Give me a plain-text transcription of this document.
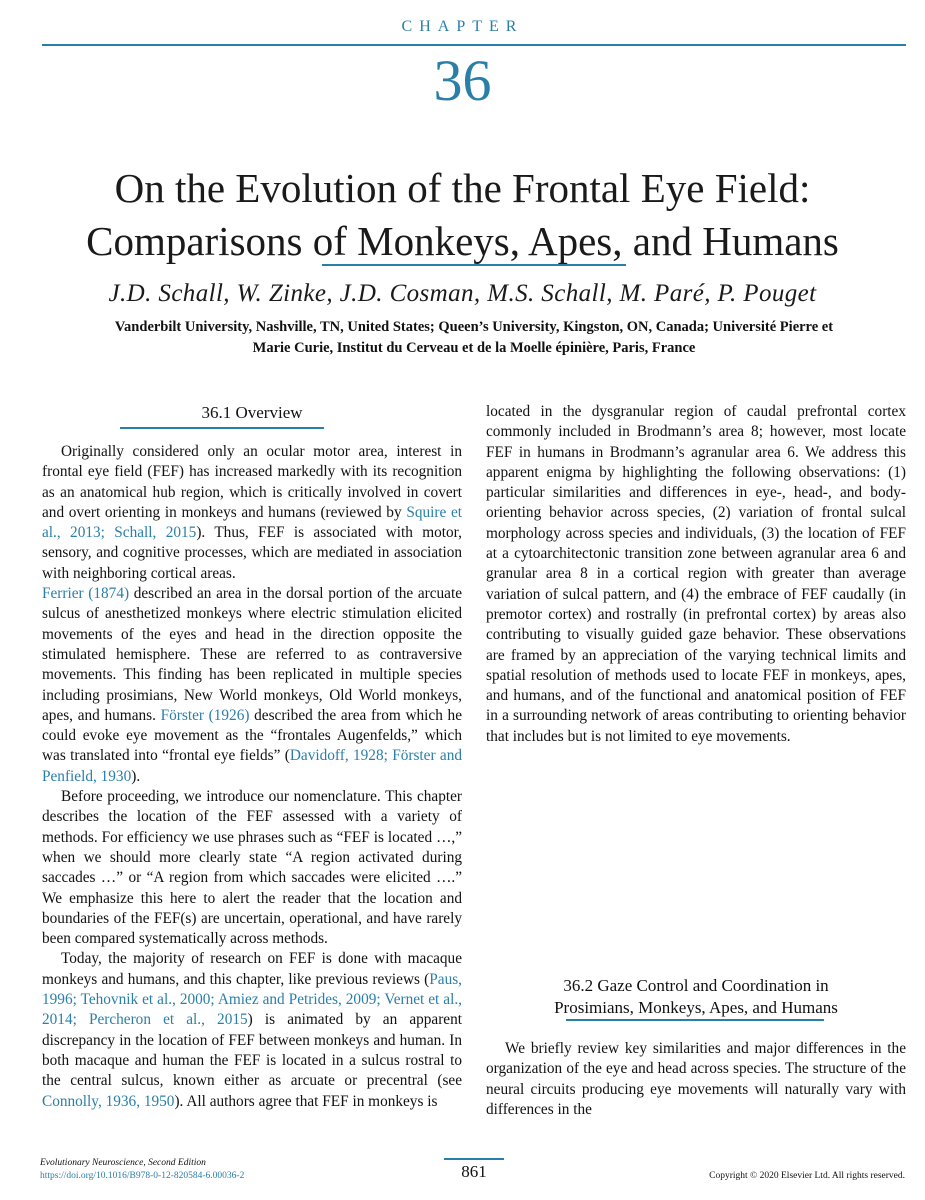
CHAPTER
36
On the Evolution of the Frontal Eye Field:
Comparisons of Monkeys, Apes, and Humans
J.D. Schall, W. Zinke, J.D. Cosman, M.S. Schall, M. Paré, P. Pouget
Vanderbilt University, Nashville, TN, United States; Queen’s University, Kingston, ON, Canada; Université Pierre et
Marie Curie, Institut du Cerveau et de la Moelle épinière, Paris, France
36.1 Overview

Originally considered only an ocular motor area, interest in frontal eye field (FEF) has increased markedly with its recognition as an anatomical hub region, which is critically involved in covert and overt orienting in monkeys and humans (reviewed by Squire et al., 2013; Schall, 2015). Thus, FEF is associated with motor, sensory, and cognitive processes, which are mediated in association with neighboring cortical areas.

Ferrier (1874) described an area in the dorsal portion of the arcuate sulcus of anesthetized monkeys where electric stimulation elicited movements of the eyes and head in the direction opposite the stimulated hemisphere. These are referred to as contraversive movements. This finding has been replicated in multiple species including prosimians, New World monkeys, Old World monkeys, apes, and humans. Förster (1926) described the area from which he could evoke eye movement as the “frontales Augenfelds,” which was translated into “frontal eye fields” (Davidoff, 1928; Förster and Penfield, 1930).

Before proceeding, we introduce our nomenclature. This chapter describes the location of the FEF assessed with a variety of methods. For efficiency we use phrases such as “FEF is located …,” when we should more clearly state “A region activated during saccades …” or “A region from which saccades were elicited ….” We emphasize this here to alert the reader that the location and boundaries of the FEF(s) are uncertain, operational, and have rarely been compared systematically across methods.

Today, the majority of research on FEF is done with macaque monkeys and humans, and this chapter, like previous reviews (Paus, 1996; Tehovnik et al., 2000; Amiez and Petrides, 2009; Vernet et al., 2014; Percheron et al., 2015) is animated by an apparent discrepancy in the location of FEF between monkeys and human. In both macaque and human the FEF is located in a sulcus rostral to the central sulcus, known either as arcuate or precentral (see Connolly, 1936, 1950). All authors agree that FEF in monkeys is

located in the dysgranular region of caudal prefrontal cortex commonly included in Brodmann’s area 8; however, most locate FEF in humans in Brodmann’s agranular area 6. We address this apparent enigma by highlighting the following observations: (1) particular similarities and differences in eye-, head-, and body-orienting behavior across species, (2) variation of frontal sulcal morphology across species and individuals, (3) the location of FEF at a cytoarchitectonic transition zone between agranular area 6 and granular area 8 in a cortical region with greater than average variation of sulcal pattern, and (4) the embrace of FEF caudally (in premotor cortex) and rostrally (in prefrontal cortex) by areas also contributing to visually guided gaze behavior. These observations are framed by an appreciation of the varying technical limits and spatial resolution of methods used to locate FEF in monkeys, apes, and humans, and of the functional and anatomical position of FEF in a surrounding network of areas contributing to orienting behavior that includes but is not limited to eye movements.

36.2 Gaze Control and Coordination in
Prosimians, Monkeys, Apes, and Humans

We briefly review key similarities and major differences in the organization of the eye and head across species. The structure of the neural circuits producing eye movements will naturally vary with differences in the

Evolutionary Neuroscience, Second Edition
https://doi.org/10.1016/B978-0-12-820584-6.00036-2	861	Copyright © 2020 Elsevier Ltd. All rights reserved.
